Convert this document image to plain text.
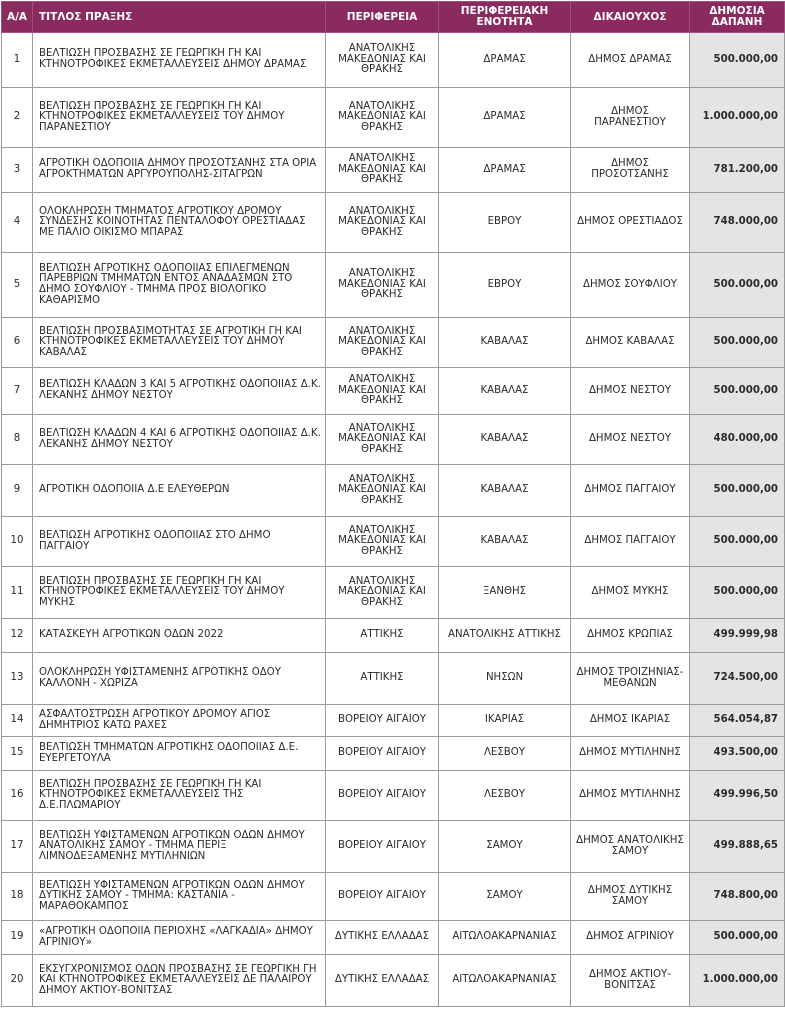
Α/Α	ΤΙΤΛΟΣ ΠΡΑΞΗΣ	ΠΕΡΙΦΕΡΕΙΑ	ΠΕΡΙΦΕΡΕΙΑΚΗ ΕΝΟΤΗΤΑ	ΔΙΚΑΙΟΥΧΟΣ	ΔΗΜΟΣΙΑ ΔΑΠΑΝΗ
1	ΒΕΛΤΙΩΣΗ ΠΡΟΣΒΑΣΗΣ ΣΕ ΓΕΩΡΓΙΚΗ ΓΗ ΚΑΙ ΚΤΗΝΟΤΡΟΦΙΚΕΣ ΕΚΜΕΤΑΛΛΕΥΣΕΙΣ ΔΗΜΟΥ ΔΡΑΜΑΣ	ΑΝΑΤΟΛΙΚΗΣ ΜΑΚΕΔΟΝΙΑΣ ΚΑΙ ΘΡΑΚΗΣ	ΔΡΑΜΑΣ	ΔΗΜΟΣ ΔΡΑΜΑΣ	500.000,00
2	ΒΕΛΤΙΩΣΗ ΠΡΟΣΒΑΣΗΣ ΣΕ ΓΕΩΡΓΙΚΗ ΓΗ ΚΑΙ ΚΤΗΝΟΤΡΟΦΙΚΕΣ ΕΚΜΕΤΑΛΛΕΥΣΕΙΣ ΤΟΥ ΔΗΜΟΥ ΠΑΡΑΝΕΣΤΙΟΥ	ΑΝΑΤΟΛΙΚΗΣ ΜΑΚΕΔΟΝΙΑΣ ΚΑΙ ΘΡΑΚΗΣ	ΔΡΑΜΑΣ	ΔΗΜΟΣ ΠΑΡΑΝΕΣΤΙΟΥ	1.000.000,00
3	ΑΓΡΟΤΙΚΗ ΟΔΟΠΟΙΙΑ ΔΗΜΟΥ ΠΡΟΣΟΤΣΑΝΗΣ ΣΤΑ ΟΡΙΑ ΑΓΡΟΚΤΗΜΑΤΩΝ ΑΡΓΥΡΟΥΠΟΛΗΣ-ΣΙΤΑΓΡΩΝ	ΑΝΑΤΟΛΙΚΗΣ ΜΑΚΕΔΟΝΙΑΣ ΚΑΙ ΘΡΑΚΗΣ	ΔΡΑΜΑΣ	ΔΗΜΟΣ ΠΡΟΣΟΤΣΑΝΗΣ	781.200,00
4	ΟΛΟΚΛΗΡΩΣΗ ΤΜΗΜΑΤΟΣ ΑΓΡΟΤΙΚΟΥ ΔΡΟΜΟΥ ΣΥΝΔΕΣΗΣ ΚΟΙΝΟΤΗΤΑΣ ΠΕΝΤΑΛΟΦΟΥ ΟΡΕΣΤΙΑΔΑΣ ΜΕ ΠΑΛΙΟ ΟΙΚΙΣΜΟ ΜΠΑΡΑΣ	ΑΝΑΤΟΛΙΚΗΣ ΜΑΚΕΔΟΝΙΑΣ ΚΑΙ ΘΡΑΚΗΣ	ΕΒΡΟΥ	ΔΗΜΟΣ ΟΡΕΣΤΙΑΔΟΣ	748.000,00
5	ΒΕΛΤΙΩΣΗ ΑΓΡΟΤΙΚΗΣ ΟΔΟΠΟΙΙΑΣ ΕΠΙΛΕΓΜΕΝΩΝ ΠΑΡΕΒΡΙΩΝ ΤΜΗΜΑΤΩΝ ΕΝΤΟΣ ΑΝΑΔΑΣΜΩΝ ΣΤΟ ΔΗΜΟ ΣΟΥΦΛΙΟΥ - ΤΜΗΜΑ ΠΡΟΣ ΒΙΟΛΟΓΙΚΟ ΚΑΘΑΡΙΣΜΟ	ΑΝΑΤΟΛΙΚΗΣ ΜΑΚΕΔΟΝΙΑΣ ΚΑΙ ΘΡΑΚΗΣ	ΕΒΡΟΥ	ΔΗΜΟΣ ΣΟΥΦΛΙΟΥ	500.000,00
6	ΒΕΛΤΙΩΣΗ ΠΡΟΣΒΑΣΙΜΟΤΗΤΑΣ ΣΕ ΑΓΡΟΤΙΚΗ ΓΗ ΚΑΙ ΚΤΗΝΟΤΡΟΦΙΚΕΣ ΕΚΜΕΤΑΛΛΕΥΣΕΙΣ ΤΟΥ ΔΗΜΟΥ ΚΑΒΑΛΑΣ	ΑΝΑΤΟΛΙΚΗΣ ΜΑΚΕΔΟΝΙΑΣ ΚΑΙ ΘΡΑΚΗΣ	ΚΑΒΑΛΑΣ	ΔΗΜΟΣ ΚΑΒΑΛΑΣ	500.000,00
7	ΒΕΛΤΙΩΣΗ ΚΛΑΔΩΝ 3 ΚΑΙ 5 ΑΓΡΟΤΙΚΗΣ ΟΔΟΠΟΙΙΑΣ Δ.Κ. ΛΕΚΑΝΗΣ ΔΗΜΟΥ ΝΕΣΤΟΥ	ΑΝΑΤΟΛΙΚΗΣ ΜΑΚΕΔΟΝΙΑΣ ΚΑΙ ΘΡΑΚΗΣ	ΚΑΒΑΛΑΣ	ΔΗΜΟΣ ΝΕΣΤΟΥ	500.000,00
8	ΒΕΛΤΙΩΣΗ ΚΛΑΔΩΝ 4 ΚΑΙ 6 ΑΓΡΟΤΙΚΗΣ ΟΔΟΠΟΙΙΑΣ Δ.Κ. ΛΕΚΑΝΗΣ ΔΗΜΟΥ ΝΕΣΤΟΥ	ΑΝΑΤΟΛΙΚΗΣ ΜΑΚΕΔΟΝΙΑΣ ΚΑΙ ΘΡΑΚΗΣ	ΚΑΒΑΛΑΣ	ΔΗΜΟΣ ΝΕΣΤΟΥ	480.000,00
9	ΑΓΡΟΤΙΚΗ ΟΔΟΠΟΙΙΑ Δ.Ε ΕΛΕΥΘΕΡΩΝ	ΑΝΑΤΟΛΙΚΗΣ ΜΑΚΕΔΟΝΙΑΣ ΚΑΙ ΘΡΑΚΗΣ	ΚΑΒΑΛΑΣ	ΔΗΜΟΣ ΠΑΓΓΑΙΟΥ	500.000,00
10	ΒΕΛΤΙΩΣΗ ΑΓΡΟΤΙΚΗΣ ΟΔΟΠΟΙΙΑΣ ΣΤΟ ΔΗΜΟ ΠΑΓΓΑΙΟΥ	ΑΝΑΤΟΛΙΚΗΣ ΜΑΚΕΔΟΝΙΑΣ ΚΑΙ ΘΡΑΚΗΣ	ΚΑΒΑΛΑΣ	ΔΗΜΟΣ ΠΑΓΓΑΙΟΥ	500.000,00
11	ΒΕΛΤΙΩΣΗ ΠΡΟΣΒΑΣΗΣ ΣΕ ΓΕΩΡΓΙΚΗ ΓΗ ΚΑΙ ΚΤΗΝΟΤΡΟΦΙΚΕΣ ΕΚΜΕΤΑΛΛΕΥΣΕΙΣ ΤΟΥ ΔΗΜΟΥ ΜΥΚΗΣ	ΑΝΑΤΟΛΙΚΗΣ ΜΑΚΕΔΟΝΙΑΣ ΚΑΙ ΘΡΑΚΗΣ	ΞΑΝΘΗΣ	ΔΗΜΟΣ ΜΥΚΗΣ	500.000,00
12	ΚΑΤΑΣΚΕΥΗ ΑΓΡΟΤΙΚΩΝ ΟΔΩΝ 2022	ΑΤΤΙΚΗΣ	ΑΝΑΤΟΛΙΚΗΣ ΑΤΤΙΚΗΣ	ΔΗΜΟΣ ΚΡΩΠΙΑΣ	499.999,98
13	ΟΛΟΚΛΗΡΩΣΗ ΥΦΙΣΤΑΜΕΝΗΣ ΑΓΡΟΤΙΚΗΣ ΟΔΟΥ ΚΑΛΛΟΝΗ - ΧΩΡΙΖΑ	ΑΤΤΙΚΗΣ	ΝΗΣΩΝ	ΔΗΜΟΣ ΤΡΟΙΖΗΝΙΑΣ-ΜΕΘΑΝΩΝ	724.500,00
14	ΑΣΦΑΛΤΟΣΤΡΩΣΗ ΑΓΡΟΤΙΚΟΥ ΔΡΟΜΟΥ ΑΓΙΟΣ ΔΗΜΗΤΡΙΟΣ ΚΑΤΩ ΡΑΧΕΣ	ΒΟΡΕΙΟΥ ΑΙΓΑΙΟΥ	ΙΚΑΡΙΑΣ	ΔΗΜΟΣ ΙΚΑΡΙΑΣ	564.054,87
15	ΒΕΛΤΙΩΣΗ ΤΜΗΜΑΤΩΝ ΑΓΡΟΤΙΚΗΣ ΟΔΟΠΟΙΙΑΣ Δ.Ε. ΕΥΕΡΓΕΤΟΥΛΑ	ΒΟΡΕΙΟΥ ΑΙΓΑΙΟΥ	ΛΕΣΒΟΥ	ΔΗΜΟΣ ΜΥΤΙΛΗΝΗΣ	493.500,00
16	ΒΕΛΤΙΩΣΗ ΠΡΟΣΒΑΣΗΣ ΣΕ ΓΕΩΡΓΙΚΗ ΓΗ ΚΑΙ ΚΤΗΝΟΤΡΟΦΙΚΕΣ ΕΚΜΕΤΑΛΛΕΥΣΕΙΣ ΤΗΣ Δ.Ε.ΠΛΩΜΑΡΙΟΥ	ΒΟΡΕΙΟΥ ΑΙΓΑΙΟΥ	ΛΕΣΒΟΥ	ΔΗΜΟΣ ΜΥΤΙΛΗΝΗΣ	499.996,50
17	ΒΕΛΤΙΩΣΗ ΥΦΙΣΤΑΜΕΝΩΝ ΑΓΡΟΤΙΚΩΝ ΟΔΩΝ ΔΗΜΟΥ ΑΝΑΤΟΛΙΚΗΣ ΣΑΜΟΥ - ΤΜΗΜΑ ΠΕΡΙΞ ΛΙΜΝΟΔΕΞΑΜΕΝΗΣ ΜΥΤΙΛΗΝΙΩΝ	ΒΟΡΕΙΟΥ ΑΙΓΑΙΟΥ	ΣΑΜΟΥ	ΔΗΜΟΣ ΑΝΑΤΟΛΙΚΗΣ ΣΑΜΟΥ	499.888,65
18	ΒΕΛΤΙΩΣΗ ΥΦΙΣΤΑΜΕΝΩΝ ΑΓΡΟΤΙΚΩΝ ΟΔΩΝ ΔΗΜΟΥ ΔΥΤΙΚΗΣ ΣΑΜΟΥ - ΤΜΗΜΑ: ΚΑΣΤΑΝΙΑ - ΜΑΡΑΘΟΚΑΜΠΟΣ	ΒΟΡΕΙΟΥ ΑΙΓΑΙΟΥ	ΣΑΜΟΥ	ΔΗΜΟΣ ΔΥΤΙΚΗΣ ΣΑΜΟΥ	748.800,00
19	«ΑΓΡΟΤΙΚΗ ΟΔΟΠΟΙΙΑ ΠΕΡΙΟΧΗΣ «ΛΑΓΚΑΔΙΑ» ΔΗΜΟΥ ΑΓΡΙΝΙΟΥ»	ΔΥΤΙΚΗΣ ΕΛΛΑΔΑΣ	ΑΙΤΩΛΟΑΚΑΡΝΑΝΙΑΣ	ΔΗΜΟΣ ΑΓΡΙΝΙΟΥ	500.000,00
20	ΕΚΣΥΓΧΡΟΝΙΣΜΟΣ ΟΔΩΝ ΠΡΟΣΒΑΣΗΣ ΣΕ ΓΕΩΡΓΙΚΗ ΓΗ ΚΑΙ ΚΤΗΝΟΤΡΟΦΙΚΕΣ ΕΚΜΕΤΑΛΛΕΥΣΕΙΣ ΔΕ ΠΑΛΑΙΡΟΥ ΔΗΜΟΥ ΑΚΤΙΟΥ-ΒΟΝΙΤΣΑΣ	ΔΥΤΙΚΗΣ ΕΛΛΑΔΑΣ	ΑΙΤΩΛΟΑΚΑΡΝΑΝΙΑΣ	ΔΗΜΟΣ ΑΚΤΙΟΥ-ΒΟΝΙΤΣΑΣ	1.000.000,00
